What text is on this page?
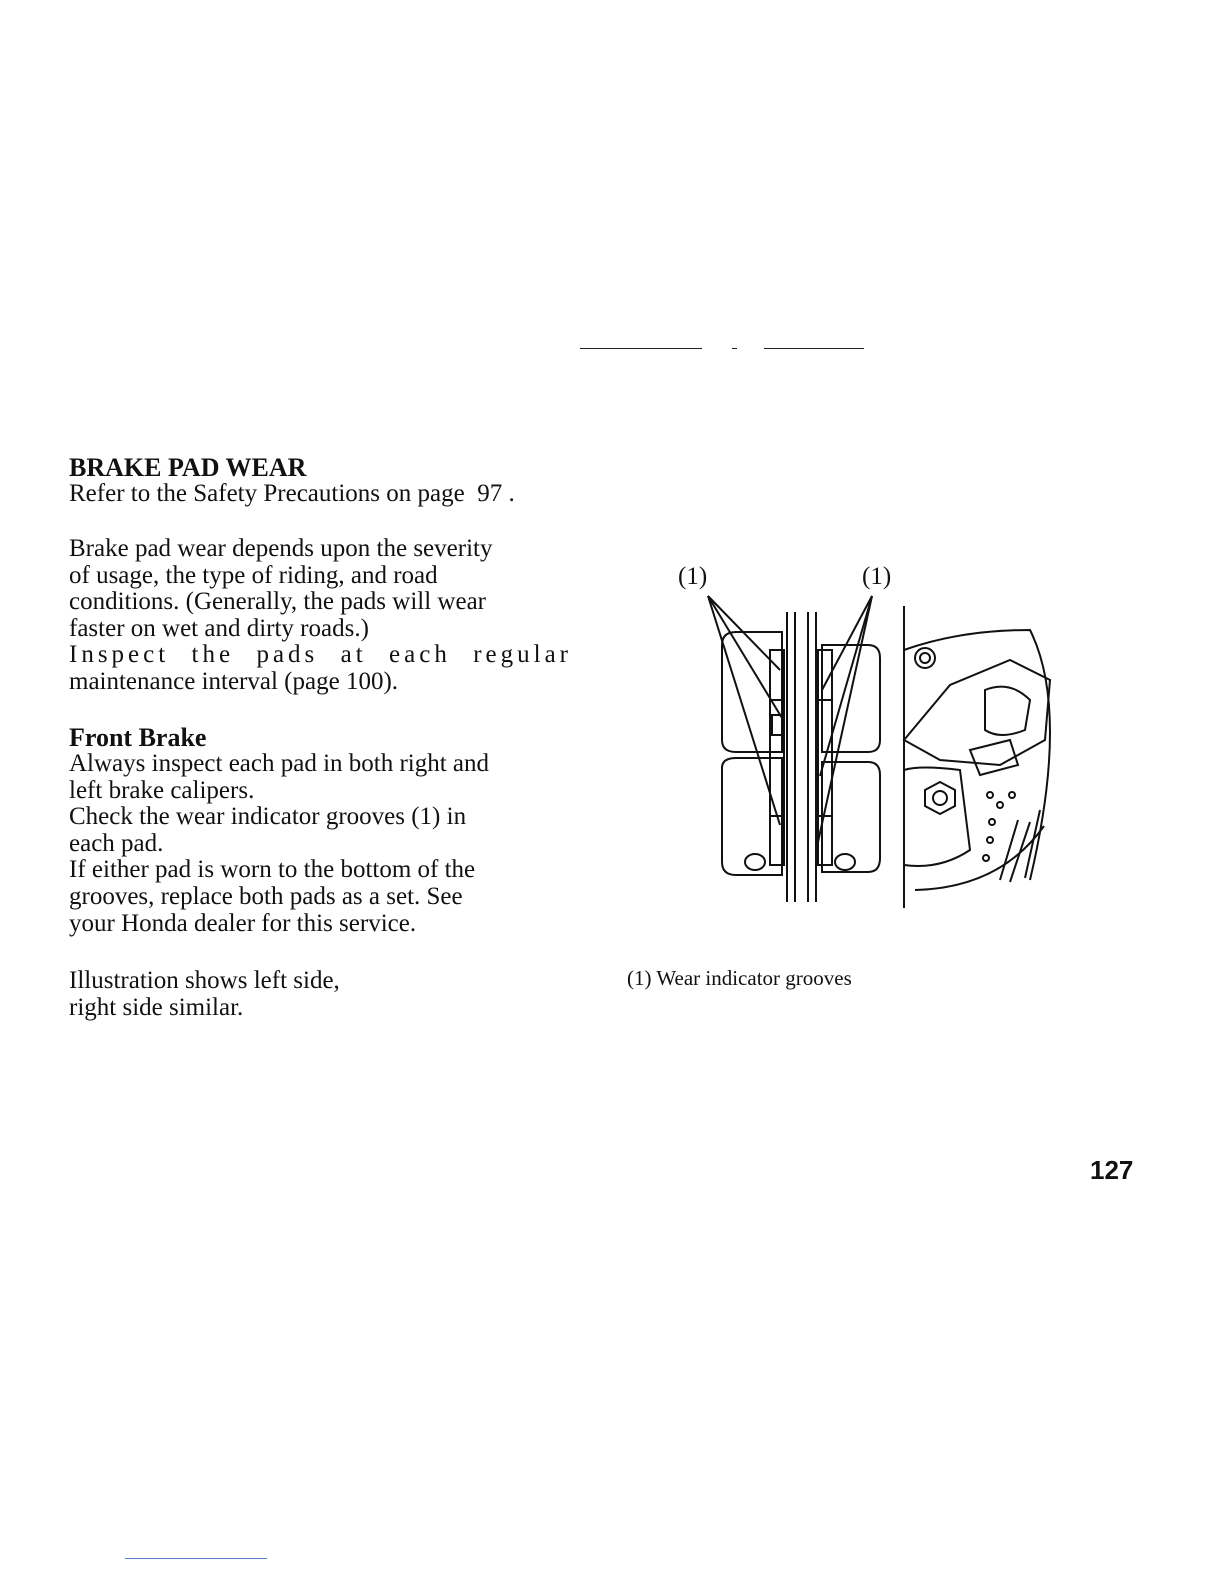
BRAKE PAD WEAR
Refer to the Safety Precautions on page  97 .
Brake pad wear depends upon the severity
of usage, the type of riding, and road
conditions. (Generally, the pads will wear
faster on wet and dirty roads.)
Inspect the pads at each regular
maintenance interval (page 100).
Front Brake
Always inspect each pad in both right and
left brake calipers.
Check the wear indicator grooves (1) in
each pad.
If either pad is worn to the bottom of the
grooves, replace both pads as a set. See
your Honda dealer for this service.
Illustration shows left side,
right side similar.
(1)	(1)
(1) Wear indicator grooves
127
